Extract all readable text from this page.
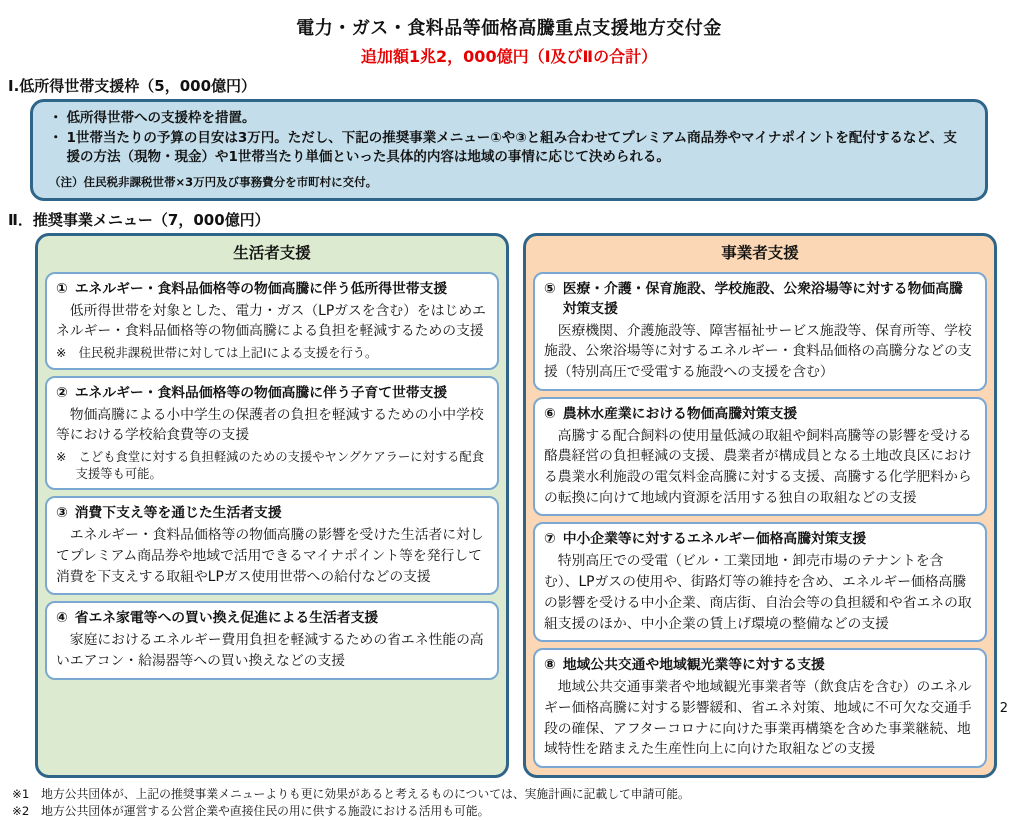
電力・ガス・食料品等価格高騰重点支援地方交付金
追加額1兆2，000億円（Ⅰ及びⅡの合計）
Ⅰ.低所得世帯支援枠（5，000億円）
・ 低所得世帯への支援枠を措置。
・ 1世帯当たりの予算の目安は3万円。ただし、下記の推奨事業メニュー①や③と組み合わせてプレミアム商品券やマイナポイントを配付するなど、支援の方法（現物・現金）や1世帯当たり単価といった具体的内容は地域の事情に応じて決められる。
（注）住民税非課税世帯×3万円及び事務費分を市町村に交付。
Ⅱ．推奨事業メニュー（7，000億円）
生活者支援
① エネルギー・食料品価格等の物価高騰に伴う低所得世帯支援
低所得世帯を対象とした、電力・ガス（LPガスを含む）をはじめエネルギー・食料品価格等の物価高騰による負担を軽減するための支援
※　住民税非課税世帯に対しては上記Ⅰによる支援を行う。
② エネルギー・食料品価格等の物価高騰に伴う子育て世帯支援
物価高騰による小中学生の保護者の負担を軽減するための小中学校等における学校給食費等の支援
※　こども食堂に対する負担軽減のための支援やヤングケアラーに対する配食支援等も可能。
③ 消費下支え等を通じた生活者支援
エネルギー・食料品価格等の物価高騰の影響を受けた生活者に対してプレミアム商品券や地域で活用できるマイナポイント等を発行して消費を下支えする取組やLPガス使用世帯への給付などの支援
④ 省エネ家電等への買い換え促進による生活者支援
家庭におけるエネルギー費用負担を軽減するための省エネ性能の高いエアコン・給湯器等への買い換えなどの支援
事業者支援
⑤ 医療・介護・保育施設、学校施設、公衆浴場等に対する物価高騰対策支援
医療機関、介護施設等、障害福祉サービス施設等、保育所等、学校施設、公衆浴場等に対するエネルギー・食料品価格の高騰分などの支援（特別高圧で受電する施設への支援を含む）
⑥ 農林水産業における物価高騰対策支援
高騰する配合飼料の使用量低減の取組や飼料高騰等の影響を受ける酪農経営の負担軽減の支援、農業者が構成員となる土地改良区における農業水利施設の電気料金高騰に対する支援、高騰する化学肥料からの転換に向けて地域内資源を活用する独自の取組などの支援
⑦ 中小企業等に対するエネルギー価格高騰対策支援
特別高圧での受電（ビル・工業団地・卸売市場のテナントを含む）、LPガスの使用や、街路灯等の維持を含め、エネルギー価格高騰の影響を受ける中小企業、商店街、自治会等の負担緩和や省エネの取組支援のほか、中小企業の賃上げ環境の整備などの支援
⑧ 地域公共交通や地域観光業等に対する支援
地域公共交通事業者や地域観光事業者等（飲食店を含む）のエネルギー価格高騰に対する影響緩和、省エネ対策、地域に不可欠な交通手段の確保、アフターコロナに向けた事業再構築を含めた事業継続、地域特性を踏まえた生産性向上に向けた取組などの支援
※1　地方公共団体が、上記の推奨事業メニューよりも更に効果があると考えるものについては、実施計画に記載して申請可能。
※2　地方公共団体が運営する公営企業や直接住民の用に供する施設における活用も可能。
2
